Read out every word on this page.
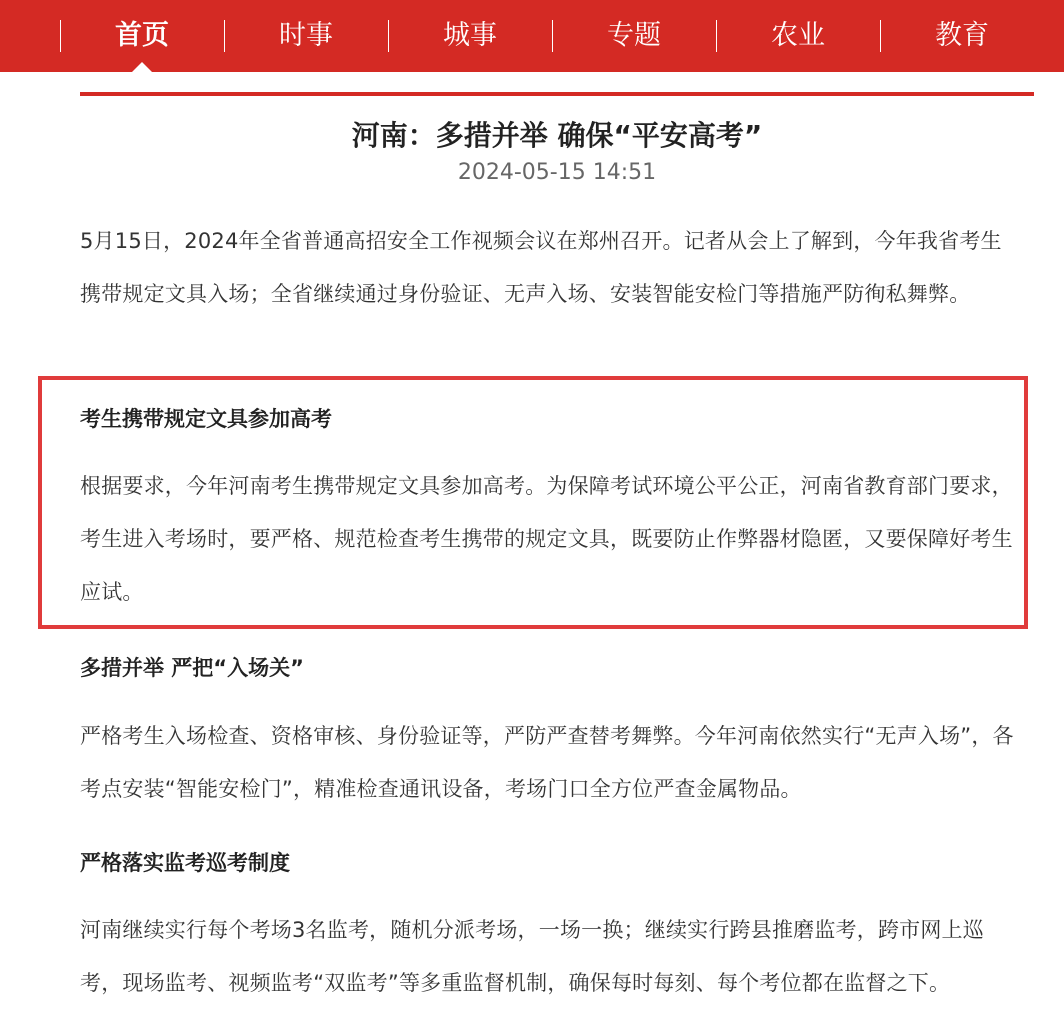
首页	时事	城事	专题	农业	教育
河南：多措并举 确保“平安高考”
2024-05-15 14:51

5月15日，2024年全省普通高招安全工作视频会议在郑州召开。记者从会上了解到，今年我省考生携带规定文具入场；全省继续通过身份验证、无声入场、安装智能安检门等措施严防徇私舞弊。

考生携带规定文具参加高考

根据要求，今年河南考生携带规定文具参加高考。为保障考试环境公平公正，河南省教育部门要求，考生进入考场时，要严格、规范检查考生携带的规定文具，既要防止作弊器材隐匿，又要保障好考生应试。

多措并举 严把“入场关”

严格考生入场检查、资格审核、身份验证等，严防严查替考舞弊。今年河南依然实行“无声入场”，各考点安装“智能安检门”，精准检查通讯设备，考场门口全方位严查金属物品。

严格落实监考巡考制度

河南继续实行每个考场3名监考，随机分派考场，一场一换；继续实行跨县推磨监考，跨市网上巡考，现场监考、视频监考“双监考”等多重监督机制，确保每时每刻、每个考位都在监督之下。
